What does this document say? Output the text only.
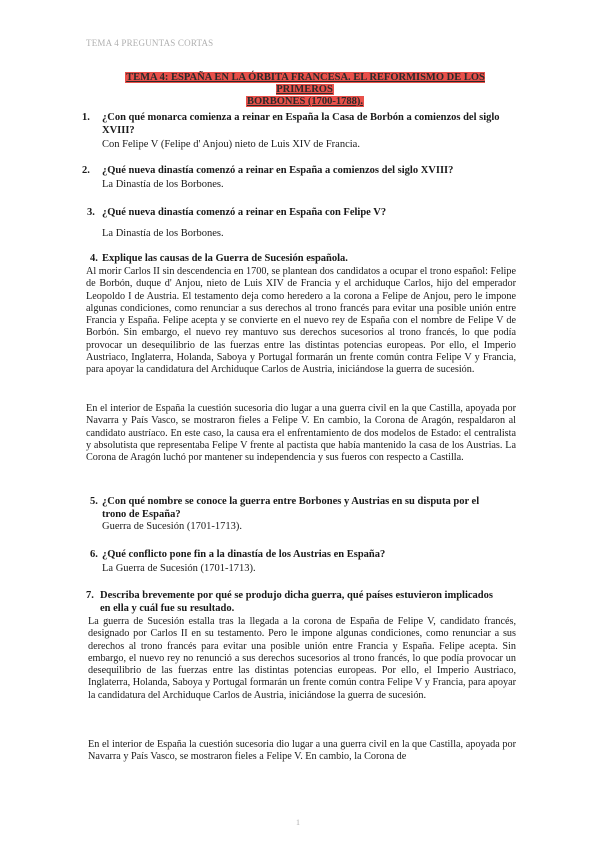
TEMA 4 PREGUNTAS CORTAS
TEMA 4: ESPAÑA EN LA ÓRBITA FRANCESA. EL REFORMISMO DE LOS PRIMEROS
BORBONES (1700-1788).
1. ¿Con qué monarca comienza a reinar en España la Casa de Borbón a comienzos del siglo
XVIII?
Con Felipe V (Felipe d' Anjou) nieto de Luis XIV de Francia.
2. ¿Qué nueva dinastía comenzó a reinar en España a comienzos del siglo XVIII?
La Dinastía de los Borbones.
3. ¿Qué nueva dinastía comenzó a reinar en España con Felipe V?
La Dinastía de los Borbones.
4. Explique las causas de la Guerra de Sucesión española.
Al morir Carlos II sin descendencia en 1700, se plantean dos candidatos a ocupar el trono español: Felipe de Borbón, duque d' Anjou, nieto de Luis XIV de Francia y el archiduque Carlos, hijo del emperador Leopoldo I de Austria. El testamento deja como heredero a la corona a Felipe de Anjou, pero le impone algunas condiciones, como renunciar a sus derechos al trono francés para evitar una posible unión entre Francia y España. Felipe acepta y se convierte en el nuevo rey de España con el nombre de Felipe V de Borbón. Sin embargo, el nuevo rey mantuvo sus derechos sucesorios al trono francés, lo que podía provocar un desequilibrio de las fuerzas entre las distintas potencias europeas. Por ello, el Imperio Austriaco, Inglaterra, Holanda, Saboya y Portugal formarán un frente común contra Felipe V y Francia, para apoyar la candidatura del Archiduque Carlos de Austria, iniciándose la guerra de sucesión.
En el interior de España la cuestión sucesoria dio lugar a una guerra civil en la que Castilla, apoyada por Navarra y País Vasco, se mostraron fieles a Felipe V. En cambio, la Corona de Aragón, respaldaron al candidato austríaco. En este caso, la causa era el enfrentamiento de dos modelos de Estado: el centralista y absolutista que representaba Felipe V frente al pactista que había mantenido la casa de los Austrias. La Corona de Aragón luchó por mantener su independencia y sus fueros con respecto a Castilla.
5. ¿Con qué nombre se conoce la guerra entre Borbones y Austrias en su disputa por el
trono de España?
Guerra de Sucesión (1701-1713).
6. ¿Qué conflicto pone fin a la dinastía de los Austrias en España?
La Guerra de Sucesión (1701-1713).
7. Describa brevemente por qué se produjo dicha guerra, qué países estuvieron implicados
en ella y cuál fue su resultado.
La guerra de Sucesión estalla tras la llegada a la corona de España de Felipe V, candidato francés, designado por Carlos II en su testamento. Pero le impone algunas condiciones, como renunciar a sus derechos al trono francés para evitar una posible unión entre Francia y España. Felipe acepta. Sin embargo, el nuevo rey no renunció a sus derechos sucesorios al trono francés, lo que podía provocar un desequilibrio de las fuerzas entre las distintas potencias europeas. Por ello, el Imperio Austriaco, Inglaterra, Holanda, Saboya y Portugal formarán un frente común contra Felipe V y Francia, para apoyar la candidatura del Archiduque Carlos de Austria, iniciándose la guerra de sucesión.
En el interior de España la cuestión sucesoria dio lugar a una guerra civil en la que Castilla, apoyada por Navarra y País Vasco, se mostraron fieles a Felipe V. En cambio, la Corona de
1
